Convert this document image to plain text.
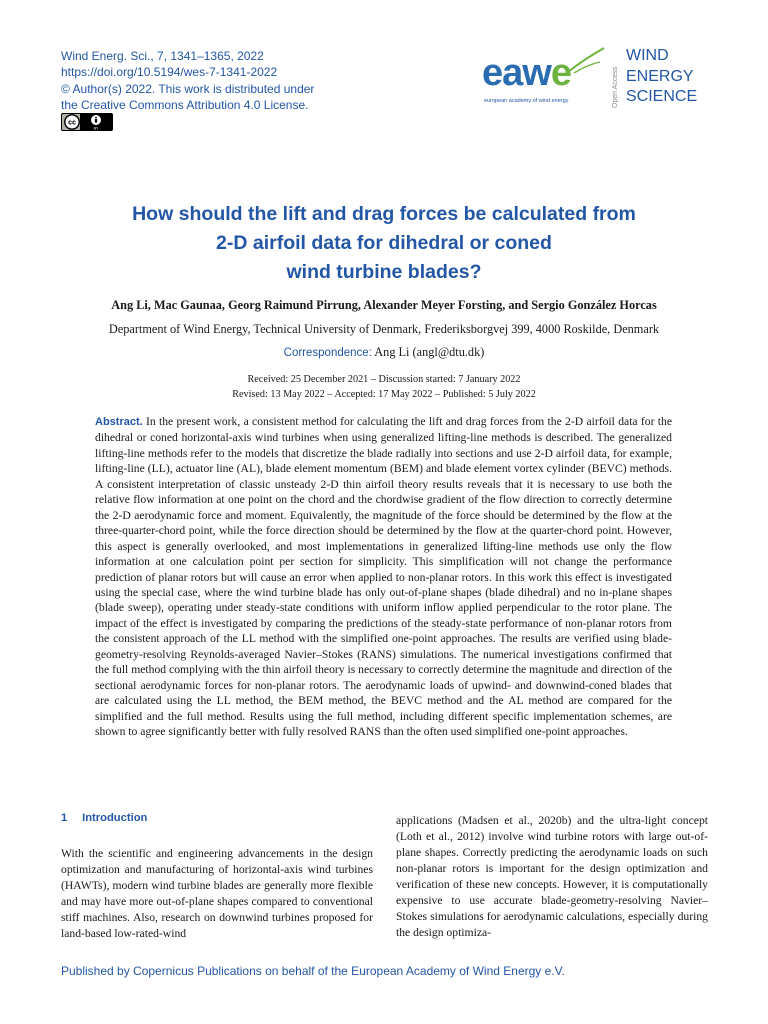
Wind Energ. Sci., 7, 1341–1365, 2022
https://doi.org/10.5194/wes-7-1341-2022
© Author(s) 2022. This work is distributed under
the Creative Commons Attribution 4.0 License.
cc
BY
eawe
european academy of wind energy	Open Access
WIND
ENERGY
SCIENCE
How should the lift and drag forces be calculated from
2-D airfoil data for dihedral or coned
wind turbine blades?
Ang Li, Mac Gaunaa, Georg Raimund Pirrung, Alexander Meyer Forsting, and Sergio González Horcas
Department of Wind Energy, Technical University of Denmark, Frederiksborgvej 399, 4000 Roskilde, Denmark
Correspondence: Ang Li (angl@dtu.dk)
Received: 25 December 2021 – Discussion started: 7 January 2022
Revised: 13 May 2022 – Accepted: 17 May 2022 – Published: 5 July 2022
Abstract. In the present work, a consistent method for calculating the lift and drag forces from the 2-D airfoil data for the dihedral or coned horizontal-axis wind turbines when using generalized lifting-line methods is described. The generalized lifting-line methods refer to the models that discretize the blade radially into sections and use 2-D airfoil data, for example, lifting-line (LL), actuator line (AL), blade element momentum (BEM) and blade element vortex cylinder (BEVC) methods. A consistent interpretation of classic unsteady 2-D thin airfoil theory results reveals that it is necessary to use both the relative flow information at one point on the chord and the chordwise gradient of the flow direction to correctly determine the 2-D aerodynamic force and moment. Equivalently, the magnitude of the force should be determined by the flow at the three-quarter-chord point, while the force direction should be determined by the flow at the quarter-chord point. However, this aspect is generally overlooked, and most implementations in generalized lifting-line methods use only the flow information at one calculation point per section for simplicity. This simplification will not change the performance prediction of planar rotors but will cause an error when applied to non-planar rotors. In this work this effect is investigated using the special case, where the wind turbine blade has only out-of-plane shapes (blade dihedral) and no in-plane shapes (blade sweep), operating under steady-state conditions with uniform inflow applied perpendicular to the rotor plane. The impact of the effect is investigated by comparing the predictions of the steady-state performance of non-planar rotors from the consistent approach of the LL method with the simplified one-point approaches. The results are verified using blade-geometry-resolving Reynolds-averaged Navier–Stokes (RANS) simulations. The numerical investigations confirmed that the full method complying with the thin airfoil theory is necessary to correctly determine the magnitude and direction of the sectional aerodynamic forces for non-planar rotors. The aerodynamic loads of upwind- and downwind-coned blades that are calculated using the LL method, the BEM method, the BEVC method and the AL method are compared for the simplified and the full method. Results using the full method, including different specific implementation schemes, are shown to agree significantly better with fully resolved RANS than the often used simplified one-point approaches.
1 Introduction
With the scientific and engineering advancements in the design optimization and manufacturing of horizontal-axis wind turbines (HAWTs), modern wind turbine blades are generally more flexible and may have more out-of-plane shapes compared to conventional stiff machines. Also, research on downwind turbines proposed for land-based low-rated-wind
applications (Madsen et al., 2020b) and the ultra-light concept (Loth et al., 2012) involve wind turbine rotors with large out-of-plane shapes. Correctly predicting the aerodynamic loads on such non-planar rotors is important for the design optimization and verification of these new concepts. However, it is computationally expensive to use accurate blade-geometry-resolving Navier–Stokes simulations for aerodynamic calculations, especially during the design optimiza-
Published by Copernicus Publications on behalf of the European Academy of Wind Energy e.V.
